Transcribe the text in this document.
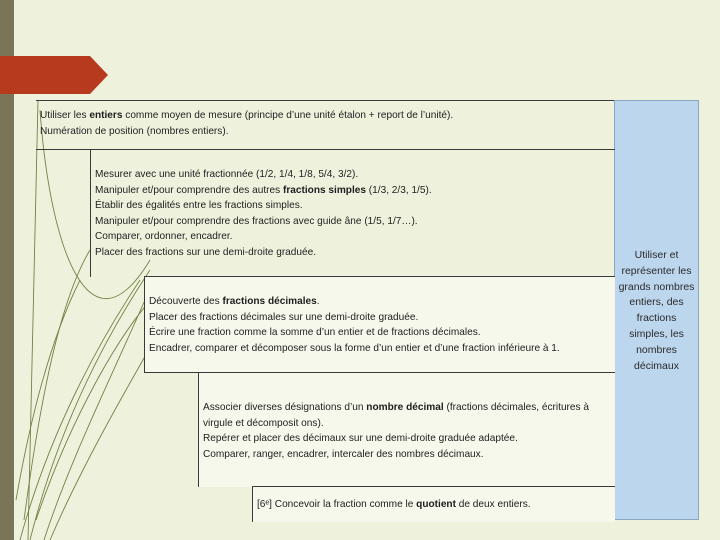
Utiliser et
représenter les
grands nombres
entiers, des
fractions
simples, les
nombres
décimaux

Utiliser les entiers comme moyen de mesure (principe d’une unité étalon + report de l’unité).

Numération de position (nombres entiers).

Mesurer avec une unité fractionnée (1/2, 1/4, 1/8, 5/4, 3/2).

Manipuler et/pour comprendre des autres fractions simples (1/3, 2/3, 1/5).

Établir des égalités entre les fractions simples.

Manipuler et/pour comprendre des fractions avec guide âne (1/5, 1/7…).

Comparer, ordonner, encadrer.

Placer des fractions sur une demi-droite graduée.

Découverte des fractions décimales.

Placer des fractions décimales sur une demi-droite graduée.

Écrire une fraction comme la somme d’un entier et de fractions décimales.

Encadrer, comparer et décomposer sous la forme d’un entier et d’une fraction inférieure à 1.

Associer diverses désignations d’un nombre décimal (fractions décimales, écritures à virgule et décomposit ons).

Repérer et placer des décimaux sur une demi-droite graduée adaptée.

Comparer, ranger, encadrer, intercaler des nombres décimaux.

[6ᵉ] Concevoir la fraction comme le quotient de deux entiers.
